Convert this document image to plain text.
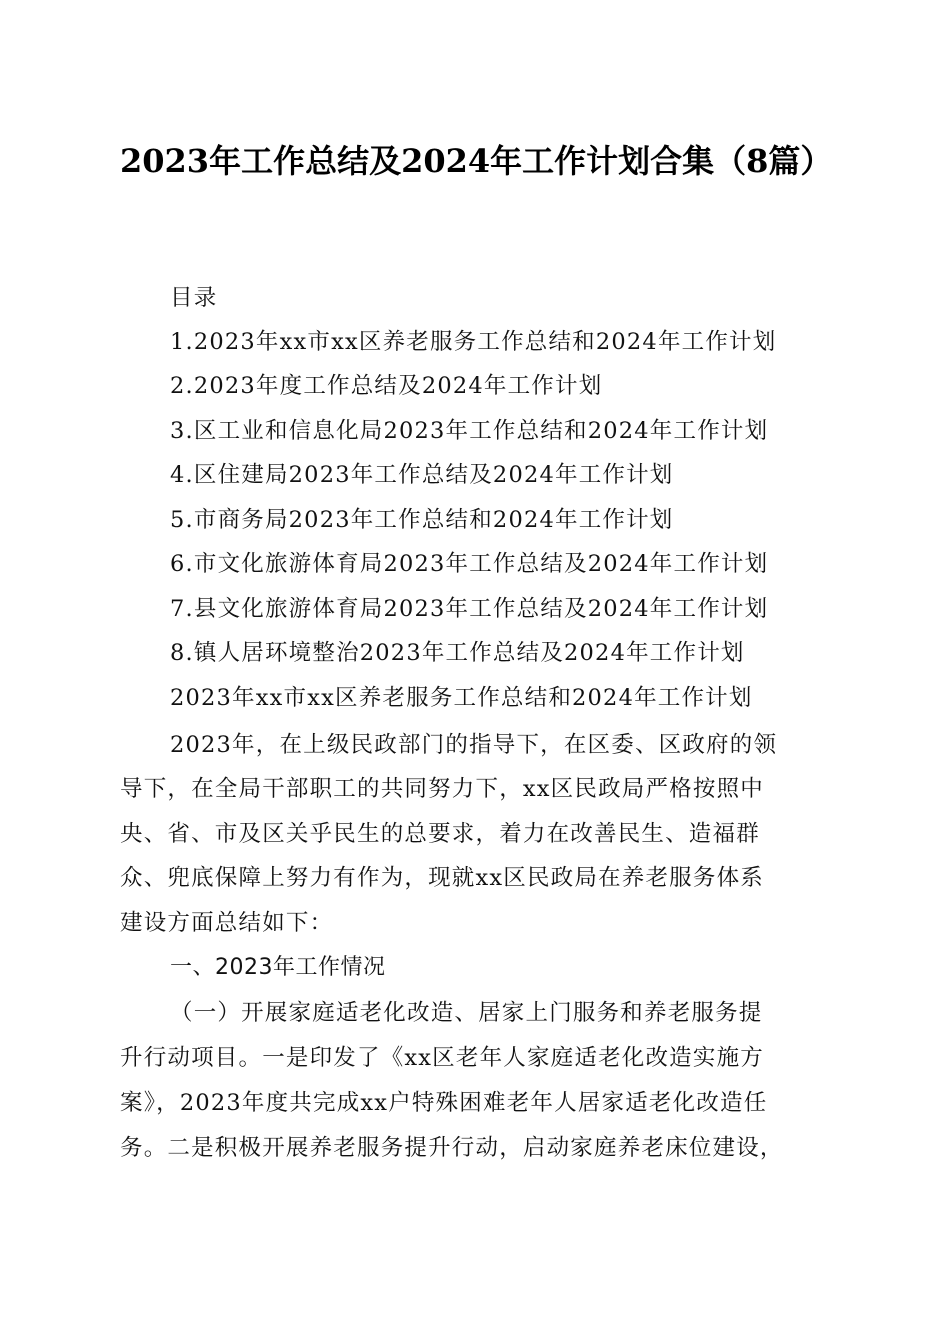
2023年工作总结及2024年工作计划合集（8篇）
目录
1.2023年xx市xx区养老服务工作总结和2024年工作计划
2.2023年度工作总结及2024年工作计划
3.区工业和信息化局2023年工作总结和2024年工作计划
4.区住建局2023年工作总结及2024年工作计划
5.市商务局2023年工作总结和2024年工作计划
6.市文化旅游体育局2023年工作总结及2024年工作计划
7.县文化旅游体育局2023年工作总结及2024年工作计划
8.镇人居环境整治2023年工作总结及2024年工作计划
2023年xx市xx区养老服务工作总结和2024年工作计划
2023年，在上级民政部门的指导下，在区委、区政府的领
导下，在全局干部职工的共同努力下，xx区民政局严格按照中
央、省、市及区关乎民生的总要求，着力在改善民生、造福群
众、兜底保障上努力有作为，现就xx区民政局在养老服务体系
建设方面总结如下：
一、2023年工作情况
（一）开展家庭适老化改造、居家上门服务和养老服务提
升行动项目。一是印发了《xx区老年人家庭适老化改造实施方
案》，2023年度共完成xx户特殊困难老年人居家适老化改造任
务。二是积极开展养老服务提升行动，启动家庭养老床位建设，
